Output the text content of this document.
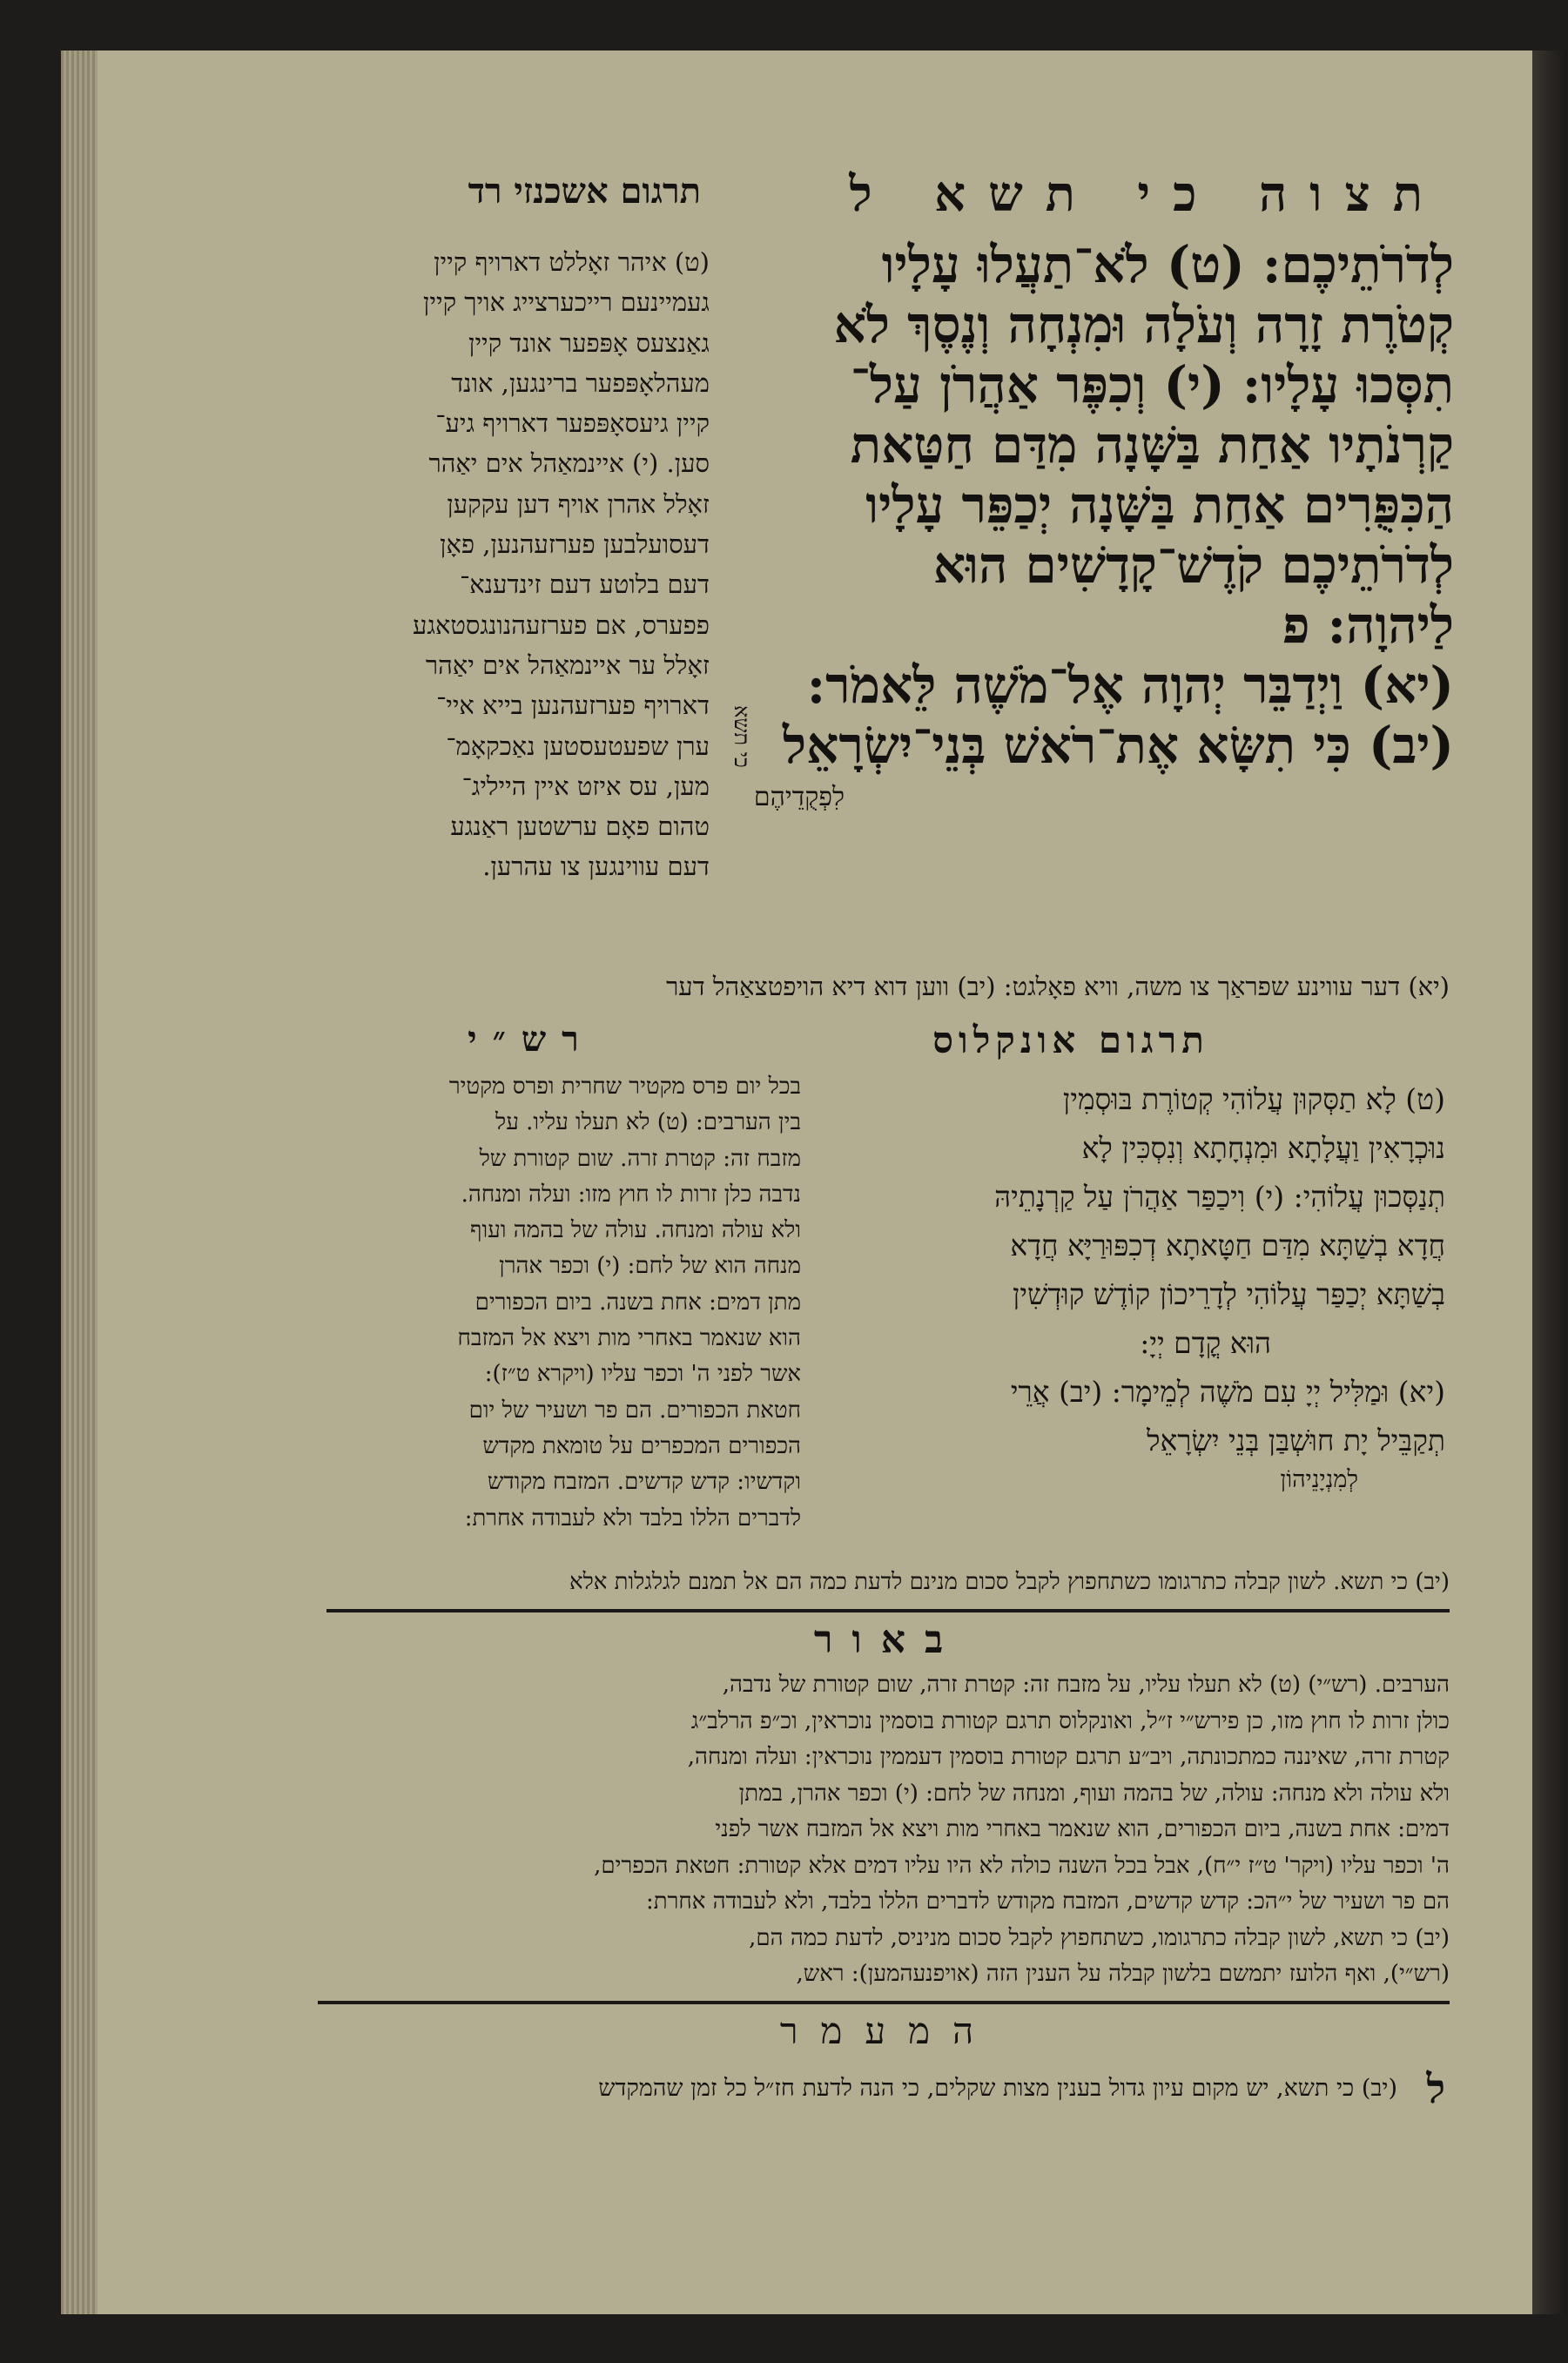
תצוה כי תשא ל
תרגום אשכנזי רד
לְדֹרֹתֵיכֶם: (ט) לֹא־תַעֲלוּ עָלָיו
קְטֹרֶת זָרָה וְעֹלָה וּמִנְחָה וְנֶסֶךְ לֹא
תִסְּכוּ עָלָיו: (י) וְכִפֶּר אַהֲרֹן עַל־
קַרְנֹתָיו אַחַת בַּשָּׁנָה מִדַּם חַטַּאת
הַכִּפֻּרִים אַחַת בַּשָּׁנָה יְכַפֵּר עָלָיו
לְדֹרֹתֵיכֶם קֹדֶשׁ־קָדָשִׁים הוּא
לַיהוָה: פ
(יא) וַיְדַבֵּר יְהוָה אֶל־מֹשֶׁה לֵּאמֹר:
(יב) כִּי תִשָּׂא אֶת־רֹאשׁ בְּנֵי־יִשְׂרָאֵל
לִפְקֻדֵיהֶם
כי תשא
(ט) איהר זאָללט דארויף קיין
געמיינעם רייכערצייג אויך קיין
גאַנצעס אָפּפער אונד קיין
מעהלאָפּפער ברינגען, אונד
קיין גיעסאָפּפער דארויף גיע־
סען. (י) איינמאַהל אים יאַהר
זאָלל אהרן אויף דען עקקען
דעסועלבען פערזעהנען, פאָן
דעם בלוטע דעם זינדענא־
פפערס, אם פערזעהנונגסטאגע
זאָלל ער איינמאַהל אים יאַהר
דארויף פערזעהנען בייא איי־
ערן שפעטעסטען נאַכקאָמ־
מען, עס איזט איין הייליג־
טהום פאָם ערשטען ראַנגע
דעם עווינגען צו עהרען.
(יא) דער עווינע שפראַך צו משה, וויא פאָלגט: (יב) ווען דוא דיא הויפטצאַהל דער
תרגום אונקלוס
(ט) לָא תַסְּקוּן עֲלוֹהִי קְטוֹרֶת בּוּסְמִין
נוּכְרָאִין וַעֲלָתָא וּמִנְחָתָא וְנִסְכִּין לָא
תְנַסְּכוּן עֲלוֹהִי: (י) וִיכַפַּר אַהֲרֹן עַל קַרְנָתֵיהּ
חֲדָא בְשַׁתָּא מִדַּם חַטָּאתָא דְכִפּוּרַיָּא חֲדָא
בְשַׁתָּא יְכַפַּר עֲלוֹהִי לְדָרֵיכוֹן קוֹדֶשׁ קוּדְשִׁין
הוּא קֳדָם יְיָ:
(יא) וּמַלִּיל יְיָ עִם מֹשֶׁה לְמֵימָר: (יב) אֲרֵי
תְקַבֵּיל יָת חוּשְׁבַּן בְּנֵי יִשְׂרָאֵל
לְמִנְיָנֵיהוֹן
רש״י
בכל יום פרס מקטיר שחרית ופרס מקטיר
בין הערבים: (ט) לא תעלו עליו. על
מזבח זה: קטרת זרה. שום קטורת של
נדבה כלן זרות לו חוץ מזו: ועלה ומנחה.
ולא עולה ומנחה. עולה של בהמה ועוף
מנחה הוא של לחם: (י) וכפר אהרן
מתן דמים: אחת בשנה. ביום הכפורים
הוא שנאמר באחרי מות ויצא אל המזבח
אשר לפני ה' וכפר עליו (ויקרא ט״ז):
חטאת הכפורים. הם פר ושעיר של יום
הכפורים המכפרים על טומאת מקדש
וקדשיו: קדש קדשים. המזבח מקודש
לדברים הללו בלבד ולא לעבודה אחרת:
(יב) כי תשא. לשון קבלה כתרגומו כשתחפוץ לקבל סכום מנינם לדעת כמה הם אל תמנם לגלגלות אלא
באור
הערבים. (רש״י) (ט) לא תעלו עליו, על מזבח זה: קטרת זרה, שום קטורת של נדבה,
כולן זרות לו חוץ מזו, כן פירש״י ז״ל, ואונקלוס תרגם קטורת בוסמין נוכראין, וכ״פ הרלב״ג
קטרת זרה, שאיננה כמתכונתה, ויב״ע תרגם קטורת בוסמין דעממין נוכראין: ועלה ומנחה,
ולא עולה ולא מנחה: עולה, של בהמה ועוף, ומנחה של לחם: (י) וכפר אהרן, במתן
דמים: אחת בשנה, ביום הכפורים, הוא שנאמר באחרי מות ויצא אל המזבח אשר לפני
ה' וכפר עליו (ויקר' ט״ז י״ח), אבל בכל השנה כולה לא היו עליו דמים אלא קטורת: חטאת הכפרים,
הם פר ושעיר של י״הכ: קדש קדשים, המזבח מקודש לדברים הללו בלבד, ולא לעבודה אחרת:
(יב) כי תשא, לשון קבלה כתרגומו, כשתחפוץ לקבל סכום מניניס, לדעת כמה הם,
(רש״י), ואף הלועז יתמשם בלשון קבלה על הענין הזה (אויפנעהמען): ראש,
המעמר
ל
(יב) כי תשא, יש מקום עיון גדול בענין מצות שקלים, כי הנה לדעת חז״ל כל זמן שהמקדש
